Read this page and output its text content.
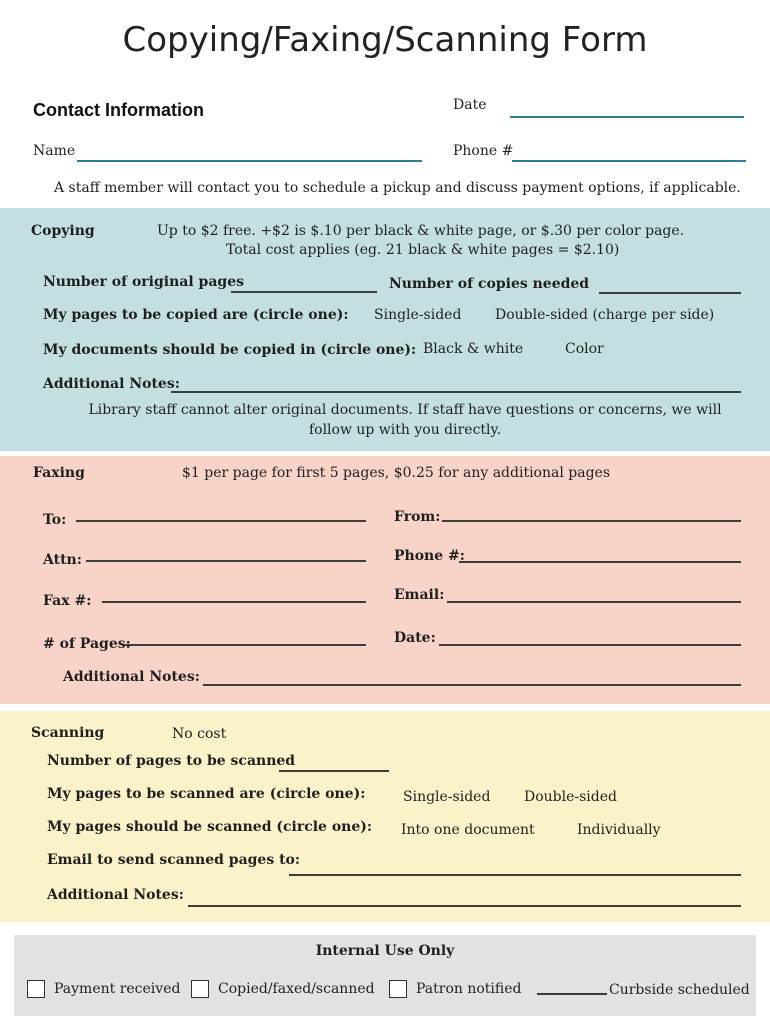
Copying/Faxing/Scanning Form
Contact Information	Date
Name	Phone #
A staff member will contact you to schedule a pickup and discuss payment options, if applicable.
Copying	Up to $2 free. +$2 is $.10 per black & white page, or $.30 per color page.
Total cost applies (eg. 21 black & white pages = $2.10)
Number of original pages	Number of copies needed
My pages to be copied are (circle one): Single-sided Double-sided (charge per side)
My documents should be copied in (circle one): Black & white	Color
Additional Notes:
Library staff cannot alter original documents. If staff have questions or concerns, we will
follow up with you directly.
Faxing	$1 per page for first 5 pages, $0.25 for any additional pages
To:	From:
Attn:	Phone #:
Fax #:	Email:
# of Pages:	Date:
Additional Notes:
Scanning	No cost
Number of pages to be scanned
My pages to be scanned are (circle one):	Single-sided Double-sided
My pages should be scanned (circle one): Into one document	Individually
Email to send scanned pages to:
Additional Notes:
Internal Use Only
Payment received	Copied/faxed/scanned	Patron notified	Curbside scheduled
